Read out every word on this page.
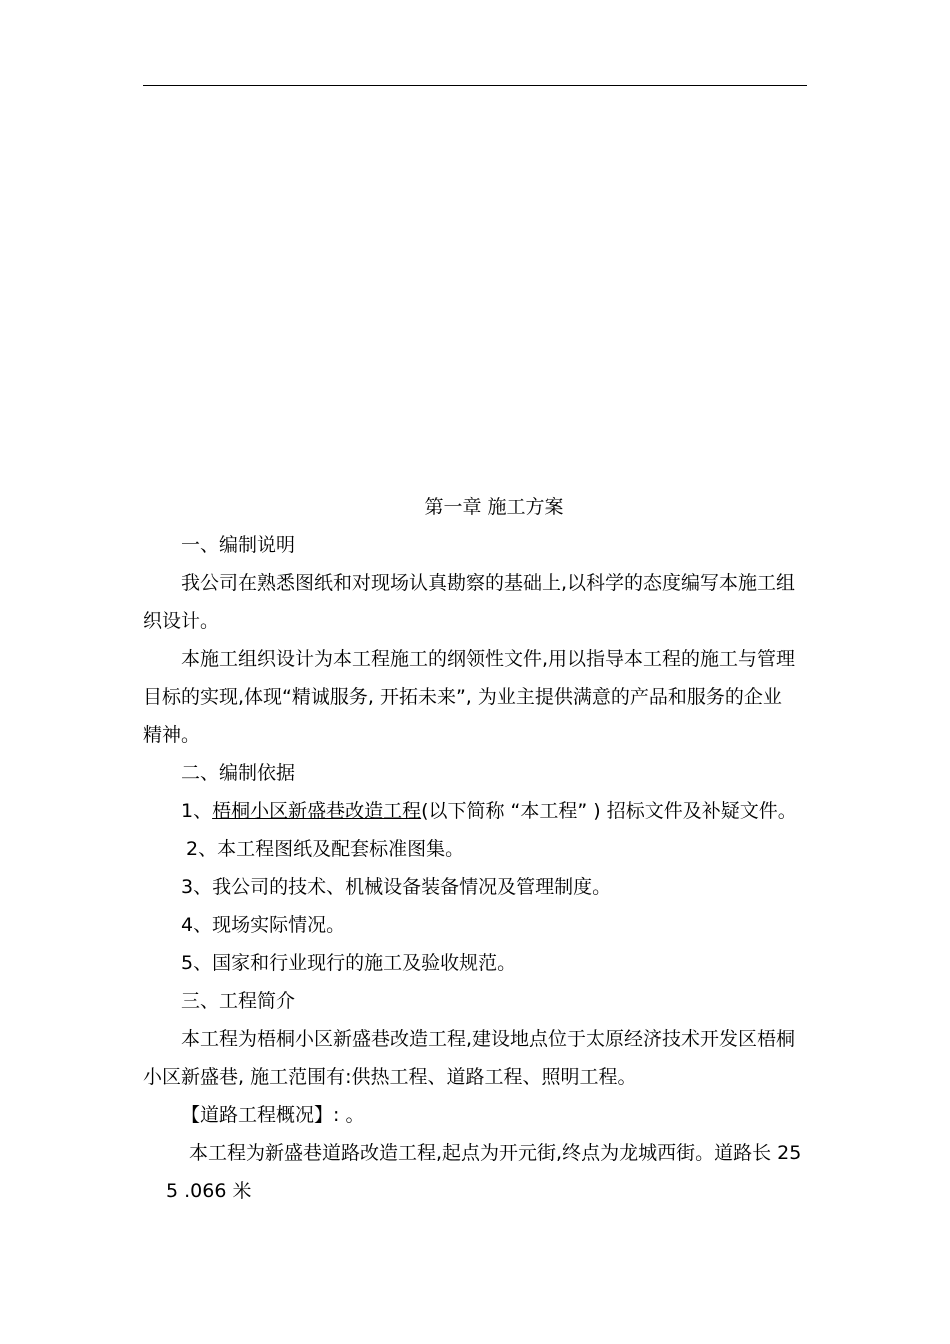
第一章 施工方案
一、编制说明
我公司在熟悉图纸和对现场认真勘察的基础上,以科学的态度编写本施工组
织设计。
本施工组织设计为本工程施工的纲领性文件,用以指导本工程的施工与管理
目标的实现,体现“精诚服务, 开拓未来”, 为业主提供满意的产品和服务的企业
精神。
二、编制依据
1、梧桐小区新盛巷改造工程(以下简称 “本工程” ) 招标文件及补疑文件。
2、本工程图纸及配套标准图集。
3、我公司的技术、机械设备装备情况及管理制度。
4、现场实际情况。
5、国家和行业现行的施工及验收规范。
三、工程简介
本工程为梧桐小区新盛巷改造工程,建设地点位于太原经济技术开发区梧桐
小区新盛巷, 施工范围有:供热工程、道路工程、照明工程。
【道路工程概况】: 。
本工程为新盛巷道路改造工程,起点为开元街,终点为龙城西街。道路长 25
5 .066 米
